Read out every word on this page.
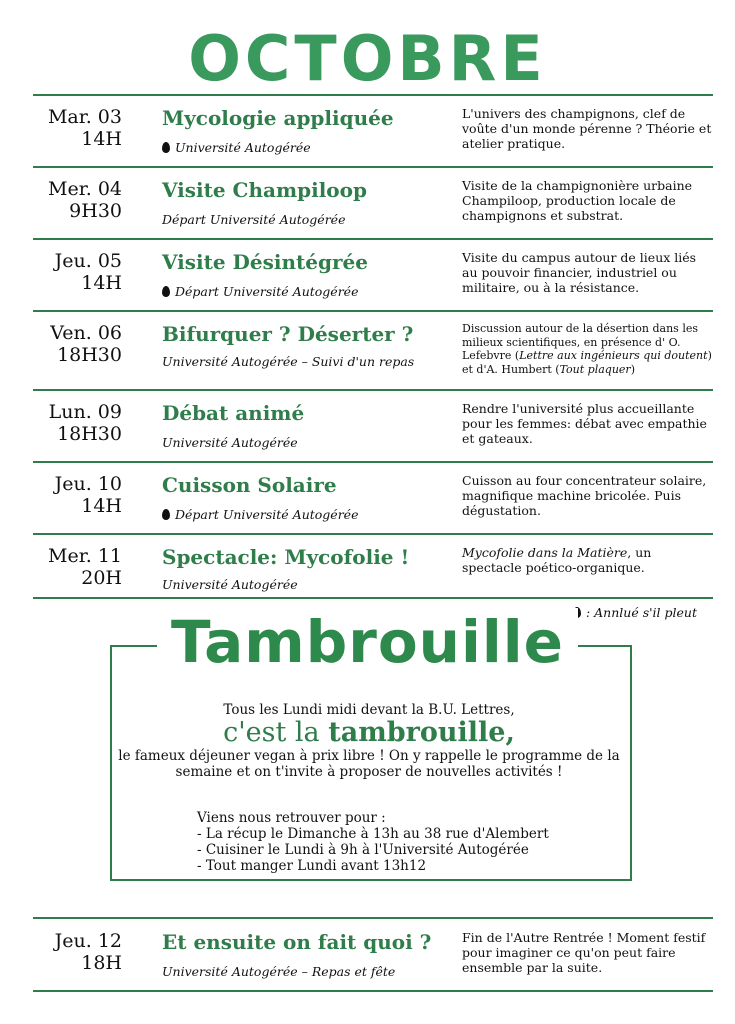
OCTOBRE
Mar. 03
14H
Mycologie appliquée
Université Autogérée
L'univers des champignons, clef de voûte d'un monde pérenne ? Théorie et atelier pratique.
Mer. 04
9H30
Visite Champiloop
Départ Université Autogérée
Visite de la champignonière urbaine Champiloop, production locale de champignons et substrat.
Jeu. 05
14H
Visite Désintégrée
Départ Université Autogérée
Visite du campus autour de lieux liés au pouvoir financier, industriel ou militaire, ou à la résistance.
Ven. 06
18H30
Bifurquer ? Déserter ?
Université Autogérée – Suivi d'un repas
Discussion autour de la désertion dans les milieux scientifiques, en présence d' O. Lefebvre (Lettre aux ingénieurs qui doutent) et d'A. Humbert (Tout plaquer)
Lun. 09
18H30
Débat animé
Université Autogérée
Rendre l'université plus accueillante pour les femmes: débat avec empathie et gateaux.
Jeu. 10
14H
Cuisson Solaire
Départ Université Autogérée
Cuisson au four concentrateur solaire, magnifique machine bricolée. Puis dégustation.
Mer. 11
20H
Spectacle: Mycofolie !
Université Autogérée
Mycofolie dans la Matière, un spectacle poético-organique.
: Annlué s'il pleut
Tambrouille
Tous les Lundi midi devant la B.U. Lettres,
c'est la tambrouille,
le fameux déjeuner vegan à prix libre ! On y rappelle le programme de la semaine et on t'invite à proposer de nouvelles activités !
Viens nous retrouver pour :
- La récup le Dimanche à 13h au 38 rue d'Alembert
- Cuisiner le Lundi à 9h à l'Université Autogérée
- Tout manger Lundi avant 13h12
Jeu. 12
18H
Et ensuite on fait quoi ?
Université Autogérée – Repas et fête
Fin de l'Autre Rentrée ! Moment festif pour imaginer ce qu'on peut faire ensemble par la suite.
